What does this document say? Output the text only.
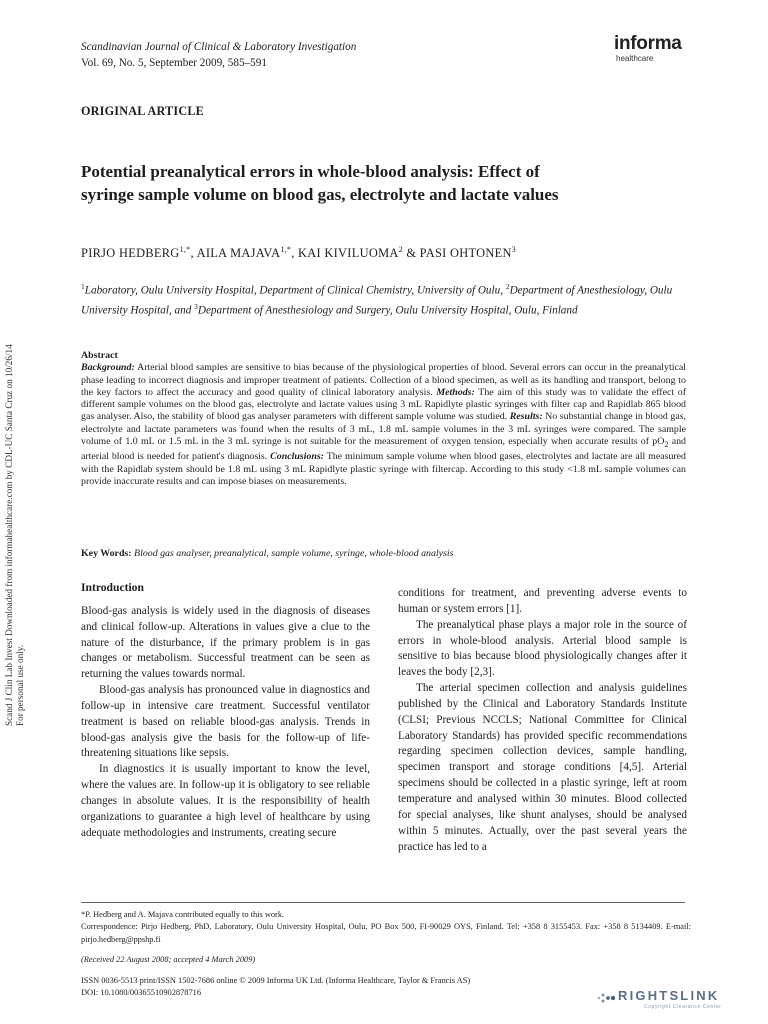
Scand J Clin Lab Invest Downloaded from informahealthcare.com by CDL-UC Santa Cruz on 10/26/14 For personal use only.
Scandinavian Journal of Clinical & Laboratory Investigation
Vol. 69, No. 5, September 2009, 585–591
informa
healthcare
ORIGINAL ARTICLE
Potential preanalytical errors in whole-blood analysis: Effect of
syringe sample volume on blood gas, electrolyte and lactate values
PIRJO $HEDBERG^{1,*}$, AILA $MAJAVA^{1,*}$, KAI KIVILUOMA$^2$ & PASI OHTONEN$^3$
$^1$Laboratory, Oulu University Hospital, Department of Clinical Chemistry, University of Oulu, $^2$Department of Anesthesiology, Oulu University Hospital, and $^3$Department of Anesthesiology and Surgery, Oulu University Hospital, Oulu, Finland
Abstract
Background: Arterial blood samples are sensitive to bias because of the physiological properties of blood. Several errors can occur in the preanalytical phase leading to incorrect diagnosis and improper treatment of patients. Collection of a blood specimen, as well as its handling and transport, belong to the key factors to affect the accuracy and good quality of clinical laboratory analysis. Methods: The aim of this study was to validate the effect of different sample volumes on the blood gas, electrolyte and lactate values using 3 mL Rapidlyte plastic syringes with filter cap and Rapidlab 865 blood gas analyser. Also, the stability of blood gas analyser parameters with different sample volume was studied. Results: No substantial change in blood gas, electrolyte and lactate parameters was found when the results of 3 mL, 1.8 mL sample volumes in the 3 mL syringes were compared. The sample volume of 1.0 mL or 1.5 mL in the 3 mL syringe is not suitable for the measurement of oxygen tension, especially when accurate results of $pO_2$ and arterial blood is needed for patient's diagnosis. Conclusions: The minimum sample volume when blood gases, electrolytes and lactate are all measured with the Rapidlab system should be 1.8 mL using 3 mL Rapidlyte plastic syringe with filtercap. According to this study <1.8 mL sample volumes can provide inaccurate results and can impose biases on measurements.
Key Words: Blood gas analyser, preanalytical, sample volume, syringe, whole-blood analysis
Introduction

Blood-gas analysis is widely used in the diagnosis of diseases and clinical follow-up. Alterations in values give a clue to the nature of the disturbance, if the primary problem is in gas changes or metabolism. Successful treatment can be seen as returning the values towards normal.

Blood-gas analysis has pronounced value in diagnostics and follow-up in intensive care treatment. Successful ventilator treatment is based on reliable blood-gas analysis. Trends in blood-gas analysis give the basis for the follow-up of life-threatening situations like sepsis.

In diagnostics it is usually important to know the level, where the values are. In follow-up it is obligatory to see reliable changes in absolute values. It is the responsibility of health organizations to guarantee a high level of healthcare by using adequate methodologies and instruments, creating secure

conditions for treatment, and preventing adverse events to human or system errors [1].

The preanalytical phase plays a major role in the source of errors in whole-blood analysis. Arterial blood sample is sensitive to bias because blood physiologically changes after it leaves the body [2,3].

The arterial specimen collection and analysis guidelines published by the Clinical and Laboratory Standards Institute (CLSI; Previous NCCLS; National Committee for Clinical Laboratory Standards) has provided specific recommendations regarding specimen collection devices, sample handling, specimen transport and storage conditions [4,5]. Arterial specimens should be collected in a plastic syringe, left at room temperature and analysed within 30 minutes. Blood collected for special analyses, like shunt analyses, should be analysed within 5 minutes. Actually, over the past several years the practice has led to a

*P. Hedberg and A. Majava contributed equally to this work.
Correspondence: Pirjo Hedberg, PhD, Laboratory, Oulu University Hospital, Oulu, PO Box 500, FI-90029 OYS, Finland. Tel: +358 8 3155453. Fax: +358 8 5134409. E-mail: pirjo.hedberg@ppshp.fi
(Received 22 August 2008; accepted 4 March 2009)
ISSN 0036-5513 print/ISSN 1502-7686 online © 2009 Informa UK Ltd. (Informa Healthcare, Taylor & Francis AS)
DOI: 10.1080/00365510902878716	RIGHTSLINK
Copyright Clearance Center
